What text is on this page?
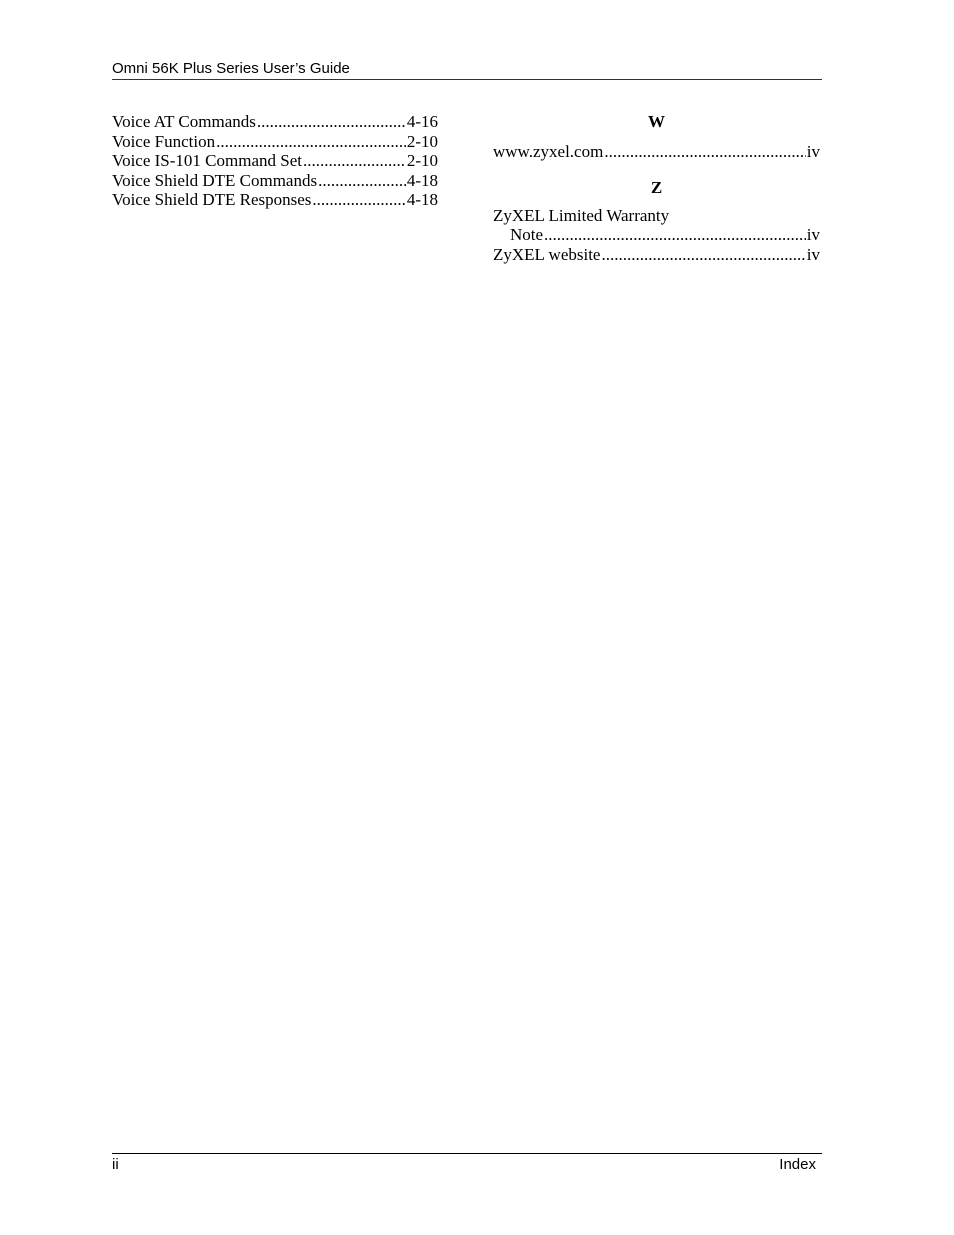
Omni 56K Plus Series User’s Guide
Voice AT Commands .....	4-16
Voice Function .....	2-10
Voice IS-101 Command Set .....	2-10
Voice Shield DTE Commands .....	4-18
Voice Shield DTE Responses .....	4-18
W
www.zyxel.com .....	iv
Z
ZyXEL Limited Warranty
Note .....	iv
ZyXEL website .....	iv
ii	Index
